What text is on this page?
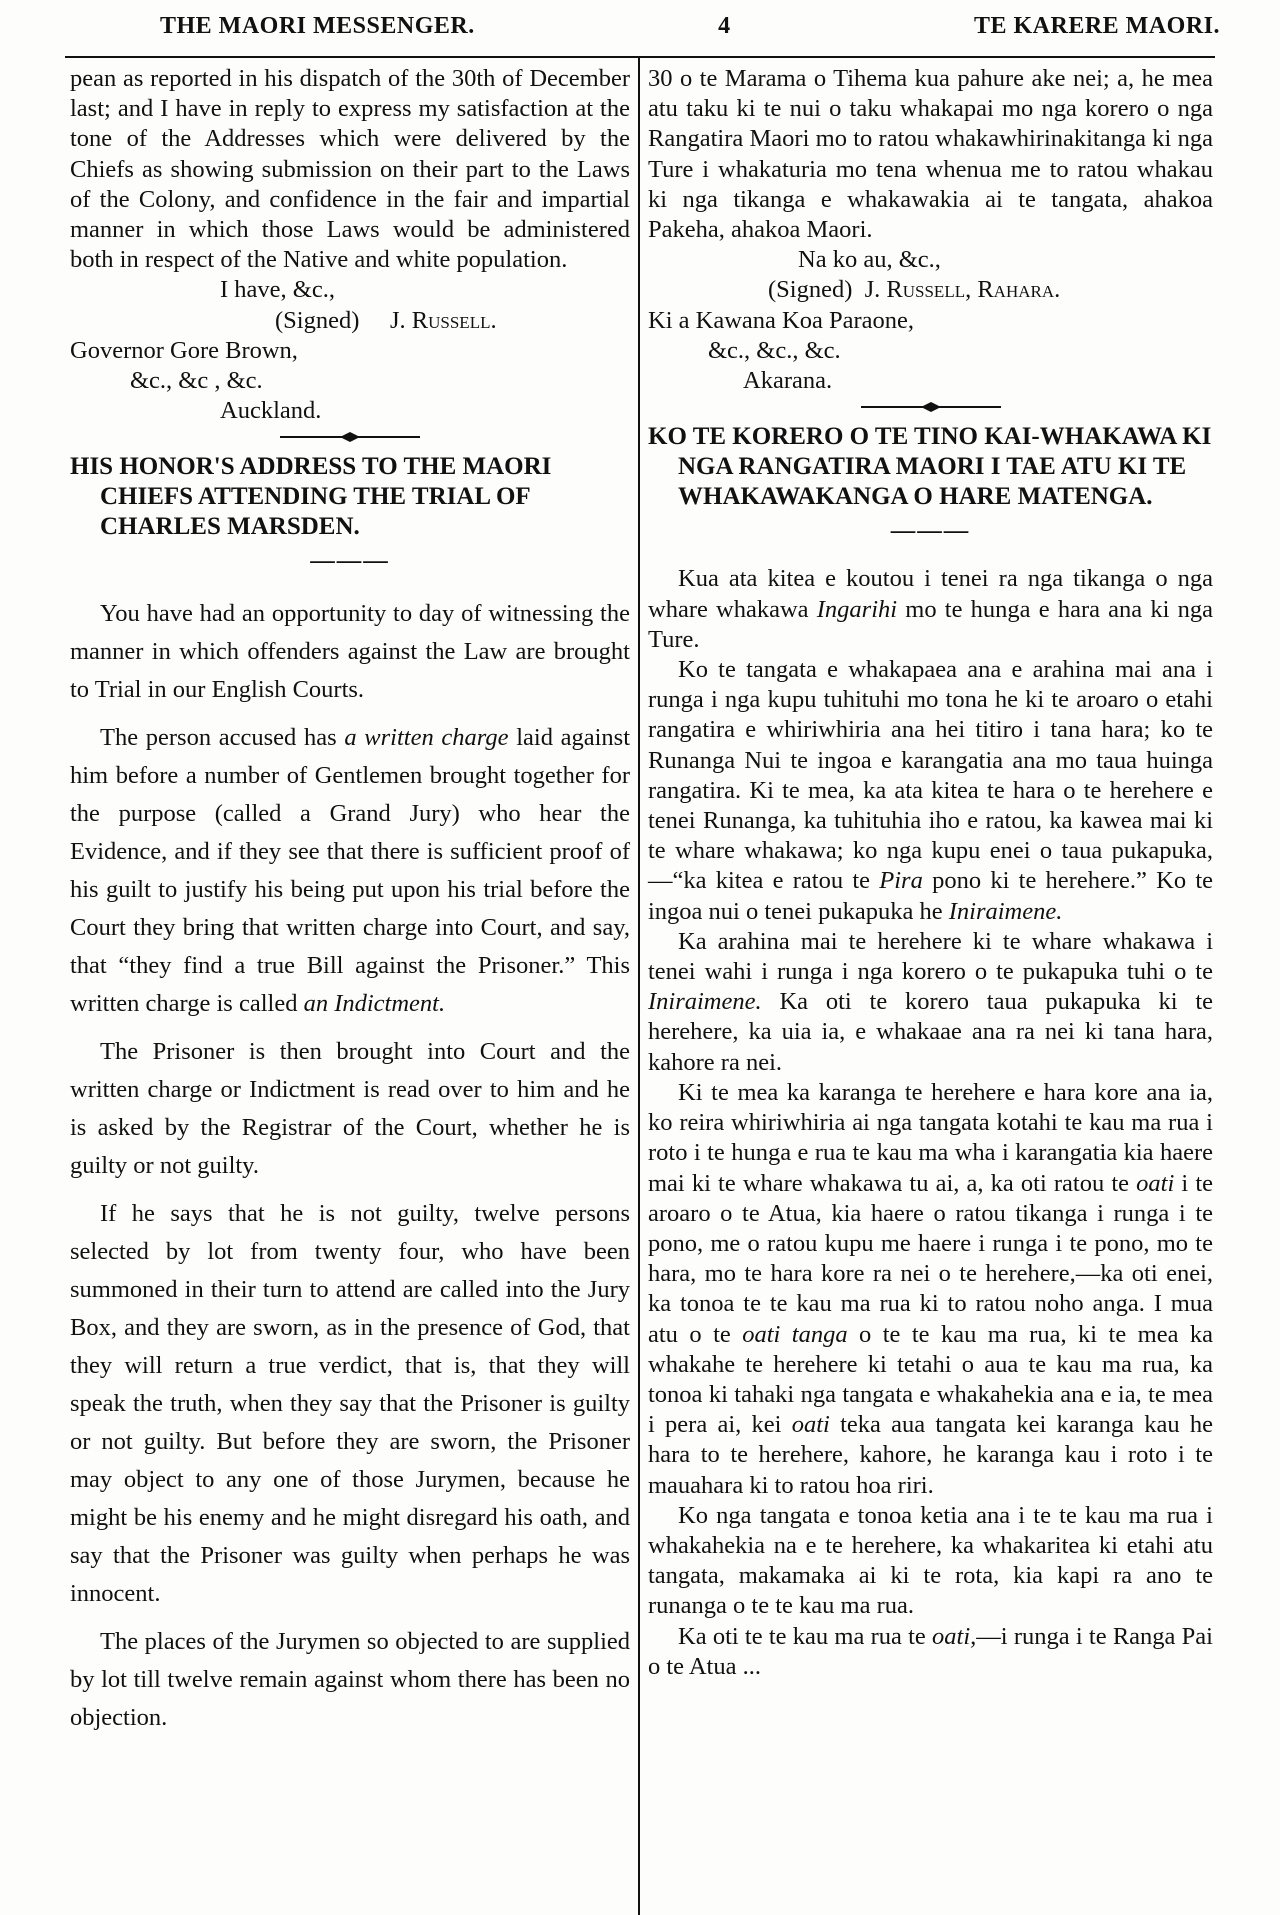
THE MAORI MESSENGER.	4	TE KARERE MAORI.

pean as reported in his dispatch of the 30th of December last; and I have in reply to express my satisfaction at the tone of the Addresses which were delivered by the Chiefs as showing submission on their part to the Laws of the Colony, and confidence in the fair and impartial manner in which those Laws would be administered both in respect of the Native and white population.

I have, &c.,

(Signed) J. Russell.

Governor Gore Brown,

&c., &c , &c.

Auckland.

HIS HONOR'S ADDRESS TO THE MAORI CHIEFS ATTENDING THE TRIAL OF CHARLES MARSDEN.

———

You have had an opportunity to day of witnessing the manner in which offenders against the Law are brought to Trial in our English Courts.

The person accused has a written charge laid against him before a number of Gentlemen brought together for the purpose (called a Grand Jury) who hear the Evidence, and if they see that there is sufficient proof of his guilt to justify his being put upon his trial before the Court they bring that written charge into Court, and say, that “they find a true Bill against the Prisoner.” This written charge is called an Indictment.

The Prisoner is then brought into Court and the written charge or Indictment is read over to him and he is asked by the Registrar of the Court, whether he is guilty or not guilty.

If he says that he is not guilty, twelve persons selected by lot from twenty four, who have been summoned in their turn to attend are called into the Jury Box, and they are sworn, as in the presence of God, that they will return a true verdict, that is, that they will speak the truth, when they say that the Prisoner is guilty or not guilty. But before they are sworn, the Prisoner may object to any one of those Jurymen, because he might be his enemy and he might disregard his oath, and say that the Prisoner was guilty when perhaps he was innocent.

The places of the Jurymen so objected to are supplied by lot till twelve remain against whom there has been no objection.

30 o te Marama o Tihema kua pahure ake nei; a, he mea atu taku ki te nui o taku whakapai mo nga korero o nga Rangatira Maori mo to ratou whakawhirinakitanga ki nga Ture i whakaturia mo tena whenua me to ratou whakau ki nga tikanga e whakawakia ai te tangata, ahakoa Pakeha, ahakoa Maori.

Na ko au, &c.,

(Signed) J. Russell, Rahara.

Ki a Kawana Koa Paraone,

&c., &c., &c.

Akarana.

KO TE KORERO O TE TINO KAI-WHAKAWA KI NGA RANGATIRA MAORI I TAE ATU KI TE WHAKAWAKANGA O HARE MATENGA.

———

Kua ata kitea e koutou i tenei ra nga tikanga o nga whare whakawa Ingarihi mo te hunga e hara ana ki nga Ture.

Ko te tangata e whakapaea ana e arahina mai ana i runga i nga kupu tuhituhi mo tona he ki te aroaro o etahi rangatira e whiriwhiria ana hei titiro i tana hara; ko te Runanga Nui te ingoa e karangatia ana mo taua huinga rangatira. Ki te mea, ka ata kitea te hara o te herehere e tenei Runanga, ka tuhituhia iho e ratou, ka kawea mai ki te whare whakawa; ko nga kupu enei o taua pukapuka,—“ka kitea e ratou te Pira pono ki te herehere.” Ko te ingoa nui o tenei pukapuka he Iniraimene.

Ka arahina mai te herehere ki te whare whakawa i tenei wahi i runga i nga korero o te pukapuka tuhi o te Iniraimene. Ka oti te korero taua pukapuka ki te herehere, ka uia ia, e whakaae ana ra nei ki tana hara, kahore ra nei.

Ki te mea ka karanga te herehere e hara kore ana ia, ko reira whiriwhiria ai nga tangata kotahi te kau ma rua i roto i te hunga e rua te kau ma wha i karangatia kia haere mai ki te whare whakawa tu ai, a, ka oti ratou te oati i te aroaro o te Atua, kia haere o ratou tikanga i runga i te pono, me o ratou kupu me haere i runga i te pono, mo te hara, mo te hara kore ra nei o te herehere,—ka oti enei, ka tonoa te te kau ma rua ki to ratou noho anga. I mua atu o te oati tanga o te te kau ma rua, ki te mea ka whakahe te herehere ki tetahi o aua te kau ma rua, ka tonoa ki tahaki nga tangata e whakahekia ana e ia, te mea i pera ai, kei oati teka aua tangata kei karanga kau he hara to te herehere, kahore, he karanga kau i roto i te mauahara ki to ratou hoa riri.

Ko nga tangata e tonoa ketia ana i te te kau ma rua i whakahekia na e te herehere, ka whakaritea ki etahi atu tangata, makamaka ai ki te rota, kia kapi ra ano te runanga o te te kau ma rua.

Ka oti te te kau ma rua te oati,—i runga i te Ranga Pai o te Atua ...
